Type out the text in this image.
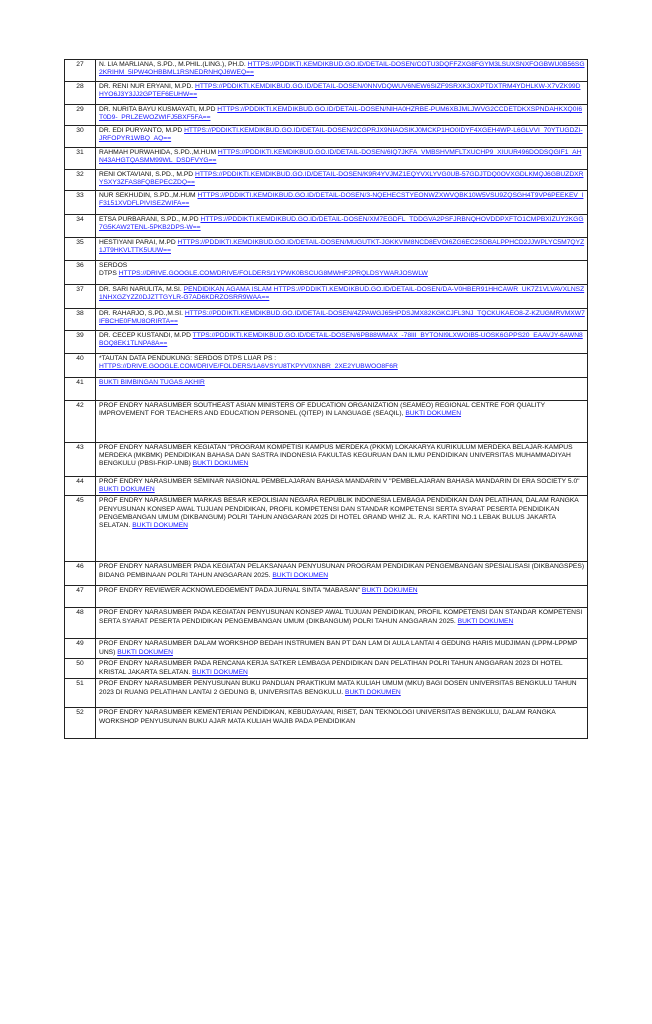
27	N. LIA MARLIANA, S.PD., M.PHIL.(LING.), PH.D. HTTPS://PDDIKTI.KEMDIKBUD.GO.ID/DETAIL-DOSEN/COTU3DQFFZXG8FGYM3LSUXSNXFOGBWU0B56SG2KRIHM_5IPW4OHBBML1RSNEDRNHQJ6WEQ==

28	DR. RENI NUR ERYANI, M.PD. HTTPS://PDDIKTI.KEMDIKBUD.GO.ID/DETAIL-DOSEN/0NNVDQWUV6NEW6SIZF9SRXK3OXPTDXTRM4YDHLKW-X7VZK99DHYO6J3Y3JJ2GPTEF6EUHW==

29	DR. NURITA BAYU KUSMAYATI, M.PD HTTPS://PDDIKTI.KEMDIKBUD.GO.ID/DETAIL-DOSEN/NIHA0HZRBE-PUM6XBJMLJWVG2CCDETDKXSPNDAHKXQ0I6T0D9-_PRLZEWOZWIFJ5BXF5FA==

30	DR. EDI PURYANTO, M.PD HTTPS://PDDIKTI.KEMDIKBUD.GO.ID/DETAIL-DOSEN/2CGPRJX9NIAOSIKJ0MCKP1HO0IDYF4XGEH4WP-L6GLVVI_70YTUGDZI-JRFOPYR1WBQ_AQ==

31	RAHMAH PURWAHIDA, S.PD.,M.HUM HTTPS://PDDIKTI.KEMDIKBUD.GO.ID/DETAIL-DOSEN/6IQ7JKFA_VMBSHVMFLTXUCHP9_XIUUR496DODSQGIF1_AHN43AHGTQASMM99WL_DSDFVYG==

32	RENI OKTAVIANI, S.PD., M.PD HTTPS://PDDIKTI.KEMDIKBUD.GO.ID/DETAIL-DOSEN/K9R4YVJMZ1EQYVXLYVG0UB-57GDJTDQ0OVXGDLKMQJ6GBUZDXRYSXY3ZFAS8FQBEPECZDQ==

33	NUR SEKHUDIN, S.PD.,M.HUM HTTPS://PDDIKTI.KEMDIKBUD.GO.ID/DETAIL-DOSEN/3-NQEHECSTYEONWZXWVQBK10W5VSU9ZQSGH4T9VP6PEEKEV_IF3151XVDFLPIVISEZWIFA==

34	ETSA PURBARANI, S.PD., M.PD HTTPS://PDDIKTI.KEMDIKBUD.GO.ID/DETAIL-DOSEN/XM7EGDFL_TDDGVA2PSFJRBNQHOVDDPXFTO1CMPBXIZUY2KGG7G5KAW2TENL-5PKB2DPS-W==

35	HESTIYANI PARAI, M.PD HTTPS://PDDIKTI.KEMDIKBUD.GO.ID/DETAIL-DOSEN/MUGUTKT-JGKKVIM8NCD8EVOI6ZG6EC2SDBALPPHCD2JJWPLYC5M7QYZ1JT9HKVLTTK5UUW==

36	SERDOS
DTPS HTTPS://DRIVE.GOOGLE.COM/DRIVE/FOLDERS/1YPWK0BSCUG8MWHF2PRQLDSYWARJOSWLW

37	DR. SARI NARULITA, M.SI. PENDIDIKAN AGAMA ISLAM HTTPS://PDDIKTI.KEMDIKBUD.GO.ID/DETAIL-DOSEN/DA-V0HBER91HHCAWR_UK7Z1VLVAVXLNSZ1NHXGZYZZ0DJZTTGYLR-G7AD6KDRZOSRR9WAA==

38	DR. RAHARJO, S.PD.,M.SI. HTTPS://PDDIKTI.KEMDIKBUD.GO.ID/DETAIL-DOSEN/4ZPAWGJ65HPDSJMX82KGKCJFL3NJ_TQCKUKAEO8-Z-KZUGMRVMXW7IFBCHE0FMU8ORIRTA==

39	DR. CECEP KUSTANDI, M.PD TTPS://PDDIKTI.KEMDIKBUD.GO.ID/DETAIL-DOSEN/6PB88WMAX_-78III_BYTONI9LXWOIB5-UOSK6GPPS20_EAAVJY-6AWN8BOQ8EK1TLNPA8A==

40	*TAUTAN DATA PENDUKUNG: SERDOS DTPS LUAR PS :
HTTPS://DRIVE.GOOGLE.COM/DRIVE/FOLDERS/1A6VSYU8TKPYV0XNBR_2XE2YUBWOO8F6R

41	BUKTI BIMBINGAN TUGAS AKHIR

42	PROF ENDRY NARASUMBER SOUTHEAST ASIAN MINISTERS OF EDUCATION ORGANIZATION (SEAMEO) REGIONAL CENTRE FOR QUALITY IMPROVEMENT FOR TEACHERS AND EDUCATION PERSONEL (QITEP) IN LANGUAGE (SEAQIL), BUKTI DOKUMEN

43	PROF ENDRY NARASUMBER KEGIATAN "PROGRAM KOMPETISI KAMPUS MERDEKA (PKKM) LOKAKARYA KURIKULUM MERDEKA BELAJAR-KAMPUS MERDEKA (MKBMK) PENDIDIKAN BAHASA DAN SASTRA INDONESIA FAKULTAS KEGURUAN DAN ILMU PENDIDIKAN UNIVERSITAS MUHAMMADIYAH BENGKULU (PBSI-FKIP-UNB) BUKTI DOKUMEN

44	PROF ENDRY NARASUMBER SEMINAR NASIONAL PEMBELAJARAN BAHASA MANDARIN V "PEMBELAJARAN BAHASA MANDARIN DI ERA SOCIETY 5.0" BUKTI DOKUMEN

45	PROF ENDRY NARASUMBER MARKAS BESAR KEPOLISIAN NEGARA REPUBLIK INDONESIA LEMBAGA PENDIDIKAN DAN PELATIHAN, DALAM RANGKA PENYUSUNAN KONSEP AWAL TUJUAN PENDIDIKAN, PROFIL KOMPETENSI DAN STANDAR KOMPETENSI SERTA SYARAT PESERTA PENDIDIKAN PENGEMBANGAN UMUM (DIKBANGUM) POLRI TAHUN ANGGARAN 2025 DI HOTEL GRAND WHIZ JL. R.A. KARTINI NO.1 LEBAK BULUS JAKARTA SELATAN. BUKTI DOKUMEN

46	PROF ENDRY NARASUMBER PADA KEGIATAN PELAKSANAAN PENYUSUNAN PROGRAM PENDIDIKAN PENGEMBANGAN SPESIALISASI (DIKBANGSPES) BIDANG PEMBINAAN POLRI TAHUN ANGGARAN 2025. BUKTI DOKUMEN

47	PROF ENDRY REVIEWER ACKNOWLEDGEMENT PADA JURNAL SINTA "MABASAN" BUKTI DOKUMEN

48	PROF ENDRY NARASUMBER PADA KEGIATAN PENYUSUNAN KONSEP AWAL TUJUAN PENDIDIKAN, PROFIL KOMPETENSI DAN STANDAR KOMPETENSI SERTA SYARAT PESERTA PENDIDIKAN PENGEMBANGAN UMUM (DIKBANGUM) POLRI TAHUN ANGGARAN 2025. BUKTI DOKUMEN

49	PROF ENDRY NARASUMBER DALAM WORKSHOP BEDAH INSTRUMEN BAN PT DAN LAM DI AULA LANTAI 4 GEDUNG HARIS MUDJIMAN (LPPM-LPPMP UNS) BUKTI DOKUMEN

50	PROF ENDRY NARASUMBER PADA RENCANA KERJA SATKER LEMBAGA PENDIDIKAN DAN PELATIHAN POLRI TAHUN ANGGARAN 2023 DI HOTEL KRISTAL JAKARTA SELATAN. BUKTI DOKUMEN

51	PROF ENDRY NARASUMBER PENYUSUNAN BUKU PANDUAN PRAKTIKUM MATA KULIAH UMUM (MKU) BAGI DOSEN UNIVERSITAS BENGKULU TAHUN 2023 DI RUANG PELATIHAN LANTAI 2 GEDUNG B, UNIVERSITAS BENGKULU. BUKTI DOKUMEN

52	PROF ENDRY NARASUMBER KEMENTERIAN PENDIDIKAN, KEBUDAYAAN, RISET, DAN TEKNOLOGI UNIVERSITAS BENGKULU, DALAM RANGKA WORKSHOP PENYUSUNAN BUKU AJAR MATA KULIAH WAJIB PADA PENDIDIKAN
